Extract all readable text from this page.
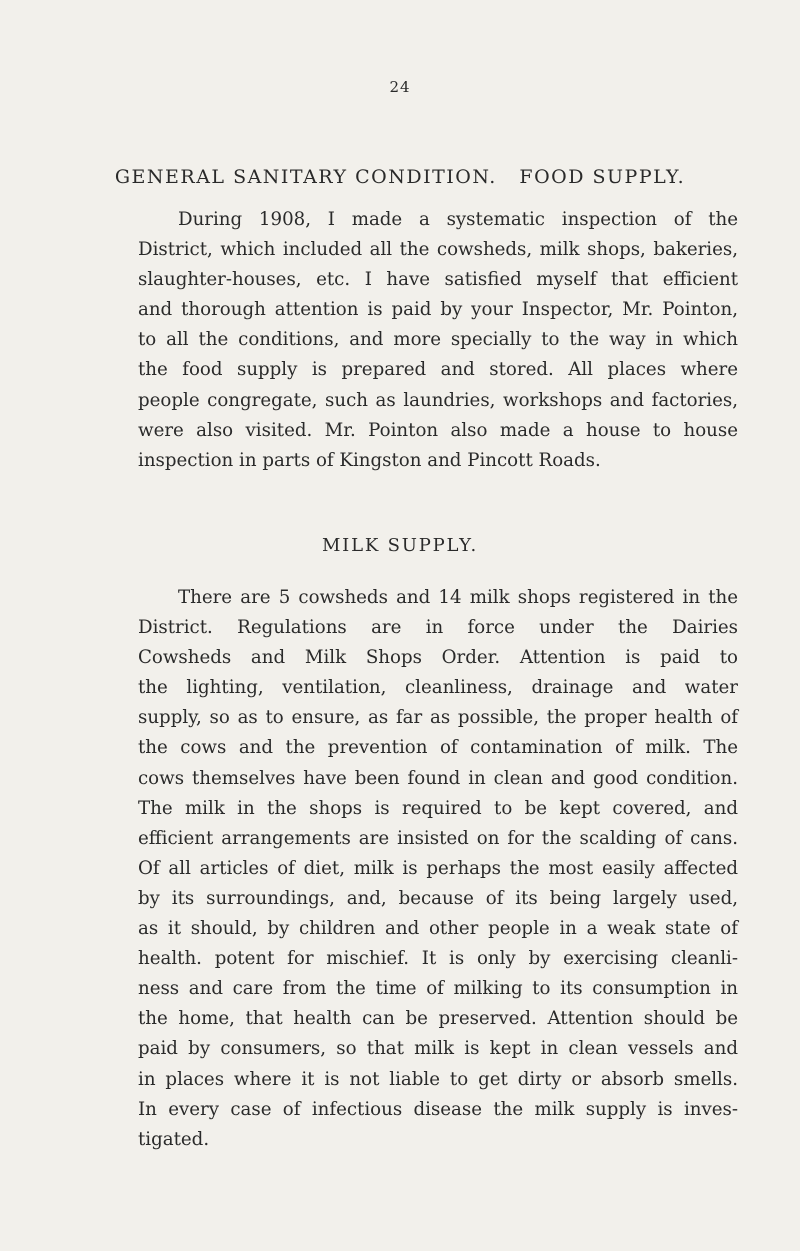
24
GENERAL SANITARY CONDITION.   FOOD SUPPLY.
During 1908, I made a systematic inspection of the
District, which included all the cowsheds, milk shops, bakeries,
slaughter-houses, etc. I have satisfied myself that efficient
and thorough attention is paid by your Inspector, Mr. Pointon,
to all the conditions, and more specially to the way in which
the food supply is prepared and stored. All places where
people congregate, such as laundries, workshops and factories,
were also visited. Mr. Pointon also made a house to house
inspection in parts of Kingston and Pincott Roads.
MILK SUPPLY.
There are 5 cowsheds and 14 milk shops registered in the
District. Regulations are in force under the Dairies
Cowsheds and Milk Shops Order. Attention is paid to
the lighting, ventilation, cleanliness, drainage and water
supply, so as to ensure, as far as possible, the proper health of
the cows and the prevention of contamination of milk. The
cows themselves have been found in clean and good condition.
The milk in the shops is required to be kept covered, and
efficient arrangements are insisted on for the scalding of cans.
Of all articles of diet, milk is perhaps the most easily affected
by its surroundings, and, because of its being largely used,
as it should, by children and other people in a weak state of
health. potent for mischief. It is only by exercising cleanli-
ness and care from the time of milking to its consumption in
the home, that health can be preserved. Attention should be
paid by consumers, so that milk is kept in clean vessels and
in places where it is not liable to get dirty or absorb smells.
In every case of infectious disease the milk supply is inves-
tigated.
